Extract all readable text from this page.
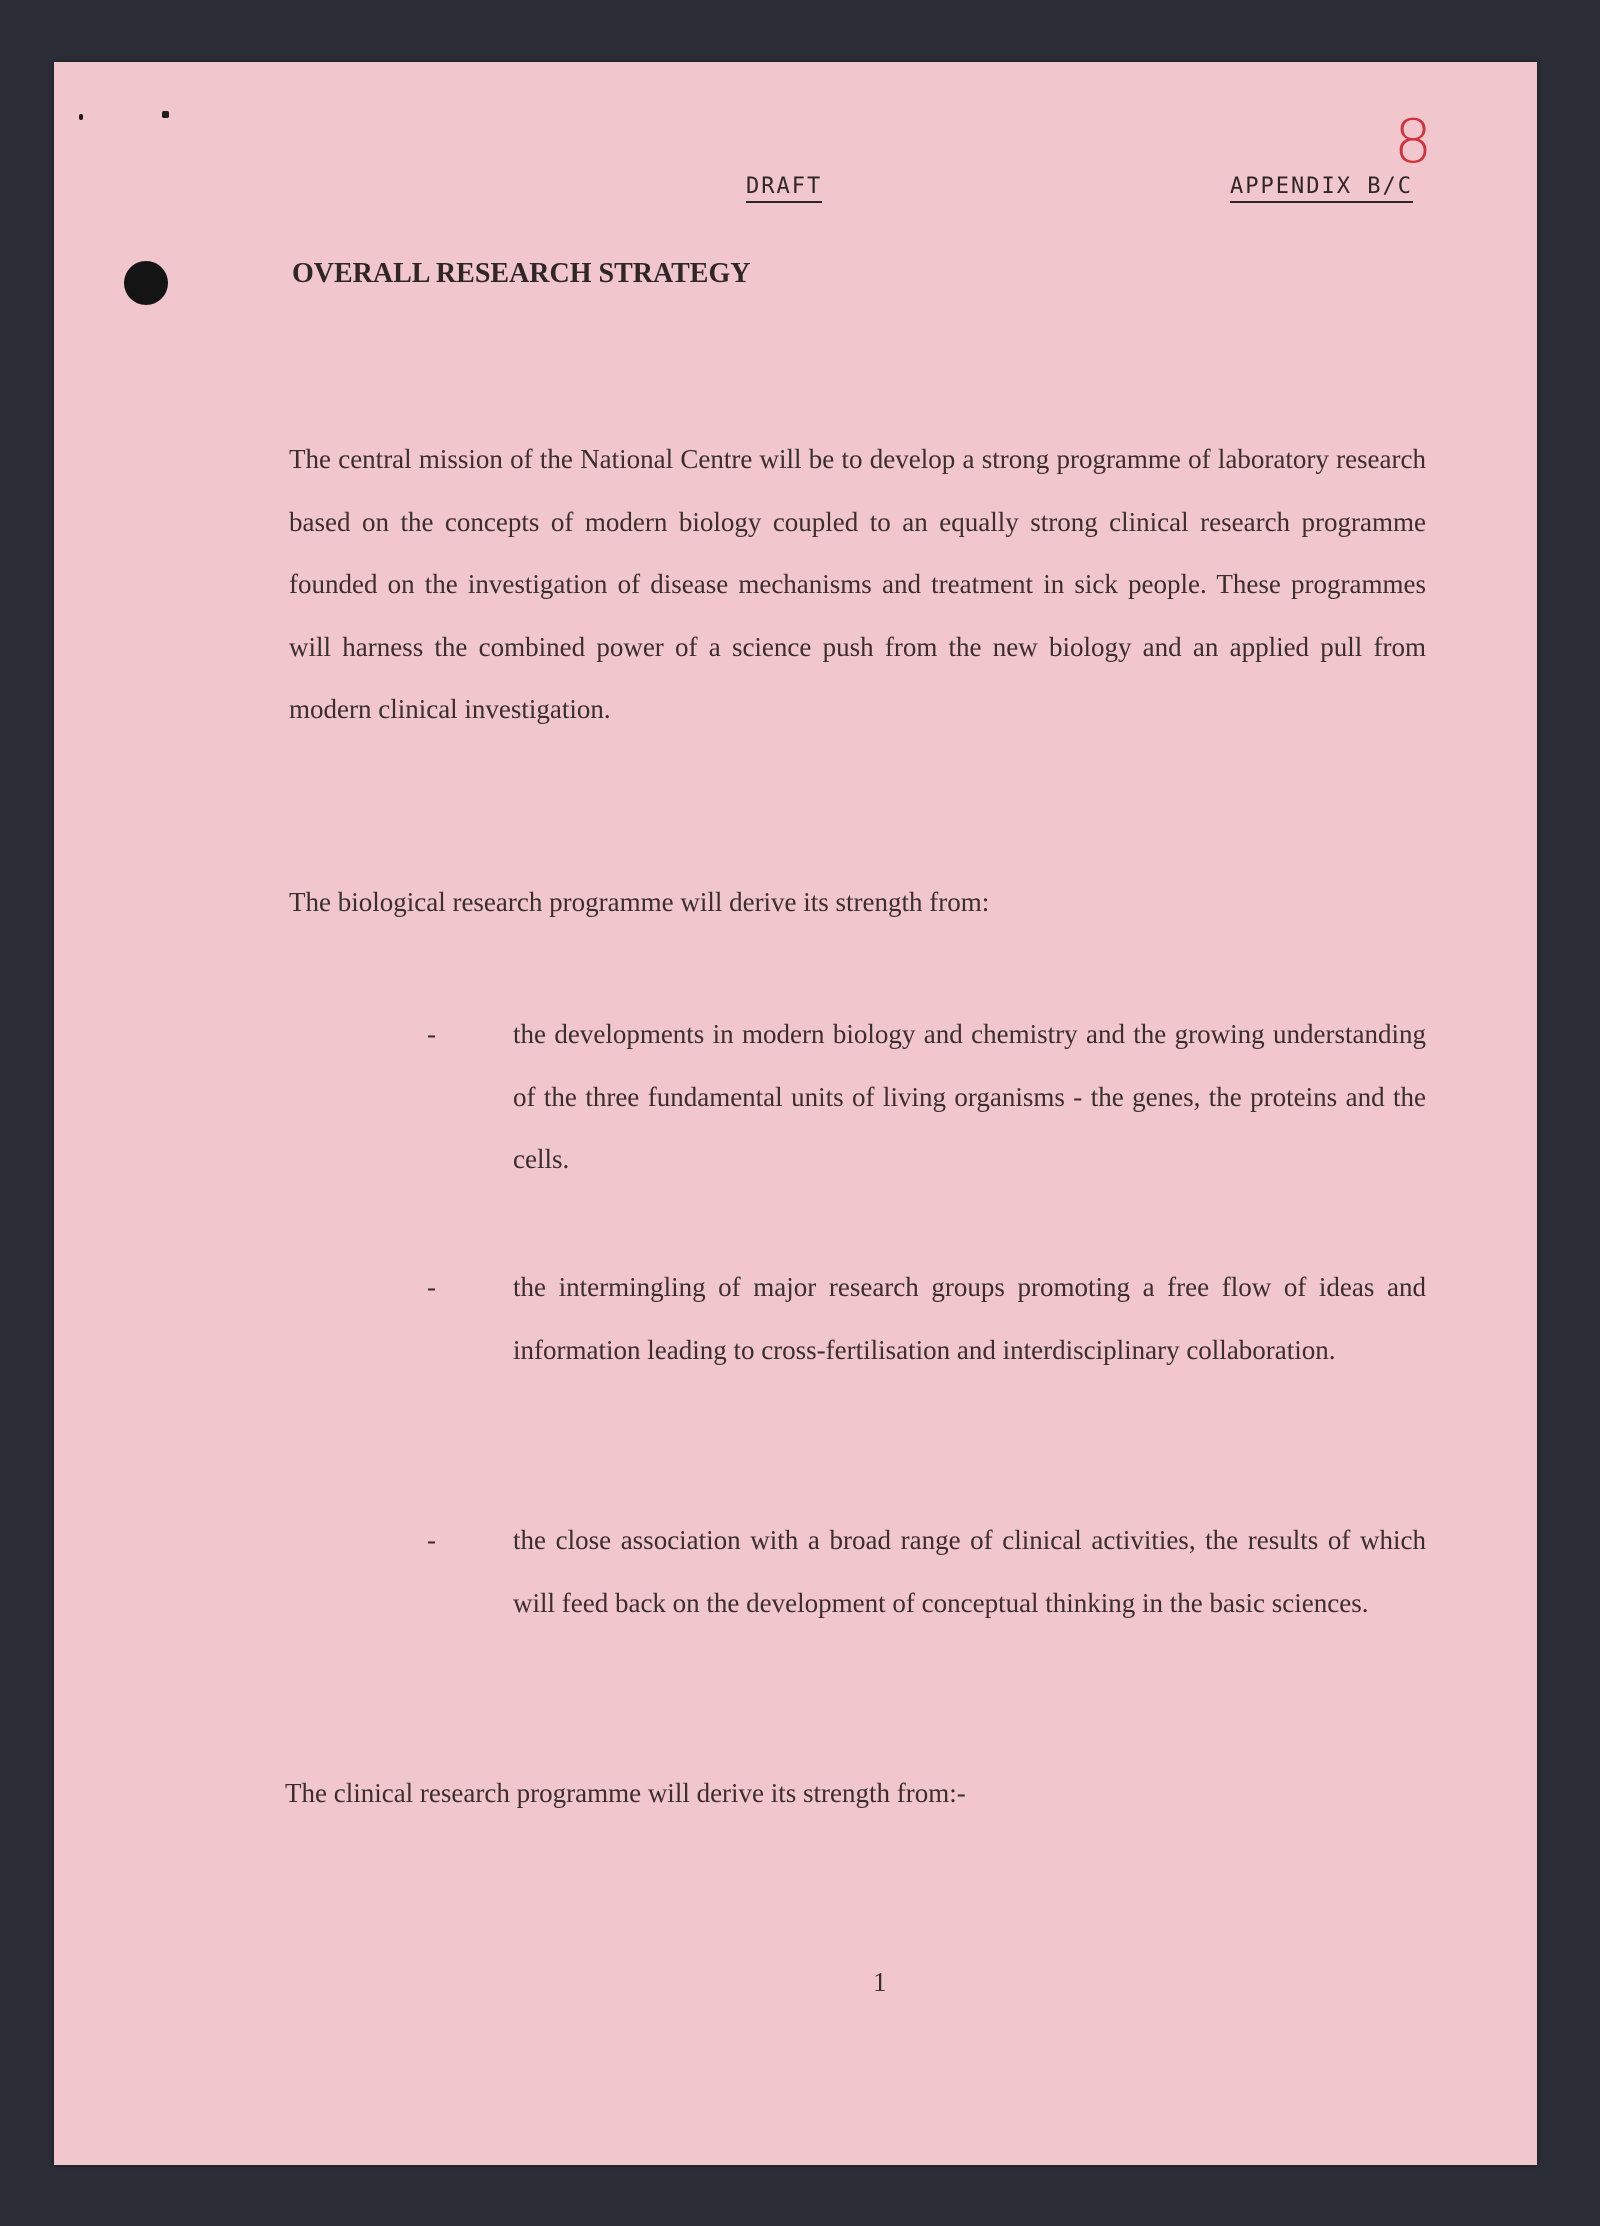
DRAFT	APPENDIX B/C
8
OVERALL RESEARCH STRATEGY

The central mission of the National Centre will be to develop a strong programme of laboratory research based on the concepts of modern biology coupled to an equally strong clinical research programme founded on the investigation of disease mechanisms and treatment in sick people. These programmes will harness the combined power of a science push from the new biology and an applied pull from modern clinical investigation.

The biological research programme will derive its strength from:

-	the developments in modern biology and chemistry and the growing understanding of the three fundamental units of living organisms - the genes, the proteins and the cells.

-	the intermingling of major research groups promoting a free flow of ideas and information leading to cross-fertilisation and interdisciplinary collaboration.

-	the close association with a broad range of clinical activities, the results of which will feed back on the development of conceptual thinking in the basic sciences.

The clinical research programme will derive its strength from:-

1
